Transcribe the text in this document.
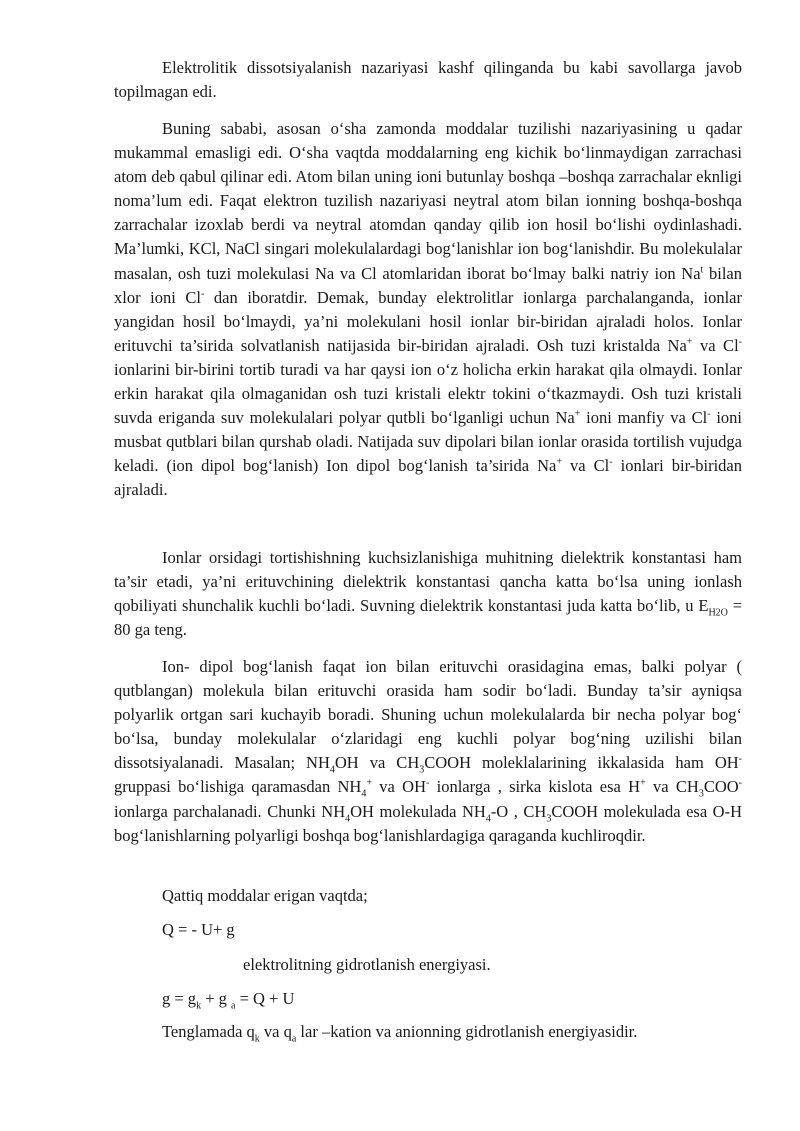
Elektrolitik dissotsiyalanish nazariyasi kashf qilinganda bu kabi savollarga javob topilmagan edi.

Buning sababi, asosan o‘sha zamonda moddalar tuzilishi nazariyasining u qadar mukammal emasligi edi. O‘sha vaqtda moddalarning eng kichik bo‘linmaydigan zarrachasi atom deb qabul qilinar edi. Atom bilan uning ioni butunlay boshqa –boshqa zarrachalar eknligi noma’lum edi. Faqat elektron tuzilish nazariyasi neytral atom bilan ionning boshqa-boshqa zarrachalar izoxlab berdi va neytral atomdan qanday qilib ion hosil bo‘lishi oydinlashadi. Ma’lumki, KCl, NaCl singari molekulalardagi bog‘lanishlar ion bog‘lanishdir. Bu molekulalar masalan, osh tuzi molekulasi Na va Cl atomlaridan iborat bo‘lmay balki natriy ion Na$^t$ bilan xlor ioni Cl- dan iboratdir. Demak, bunday elektrolitlar ionlarga parchalanganda, ionlar yangidan hosil bo‘lmaydi, ya’ni molekulani hosil ionlar bir-biridan ajraladi holos. Ionlar erituvchi ta’sirida solvatlanish natijasida bir-biridan ajraladi. Osh tuzi kristalda Na+ va Cl- ionlarini bir-birini tortib turadi va har qaysi ion o‘z holicha erkin harakat qila olmaydi. Ionlar erkin harakat qila olmaganidan osh tuzi kristali elektr tokini o‘tkazmaydi. Osh tuzi kristali suvda eriganda suv molekulalari polyar qutbli bo‘lganligi uchun Na+ ioni manfiy va Cl- ioni musbat qutblari bilan qurshab oladi. Natijada suv dipolari bilan ionlar orasida tortilish vujudga keladi. (ion dipol bog‘lanish) Ion dipol bog‘lanish ta’sirida Na+ va Cl- ionlari bir-biridan ajraladi.

Ionlar orsidagi tortishishning kuchsizlanishiga muhitning dielektrik konstantasi ham ta’sir etadi, ya’ni erituvchining dielektrik konstantasi qancha katta bo‘lsa uning ionlash qobiliyati shunchalik kuchli bo‘ladi. Suvning dielektrik konstantasi juda katta bo‘lib, u $E_{H2O} = 80$ ga teng.

Ion- dipol bog‘lanish faqat ion bilan erituvchi orasidagina emas, balki polyar ( qutblangan) molekula bilan erituvchi orasida ham sodir bo‘ladi. Bunday ta’sir ayniqsa polyarlik ortgan sari kuchayib boradi. Shuning uchun molekulalarda bir necha polyar bog‘ bo‘lsa, bunday molekulalar o‘zlaridagi eng kuchli polyar bog‘ning uzilishi bilan dissotsiyalanadi. Masalan; $NH_4OH$ va $CH_3COOH$ moleklalarining ikkalasida ham OH- gruppasi bo‘lishiga qaramasdan $NH_4^+$ va OH- ionlarga , sirka kislota esa H+ va $CH_3COO^-$ ionlarga parchalanadi. Chunki $NH_4OH$ molekulada $NH_4-O$ , $CH_3COOH$ molekulada esa O-H bog‘lanishlarning polyarligi boshqa bog‘lanishlardagiga qaraganda kuchliroqdir.

Qattiq moddalar erigan vaqtda;

Q = - U+ g

elektrolitning gidrotlanish energiyasi.

$g = g_k + g$ $_a$ = Q + U

Tenglamada $q_k$ va $q_a$ lar –kation va anionning gidrotlanish energiyasidir.
